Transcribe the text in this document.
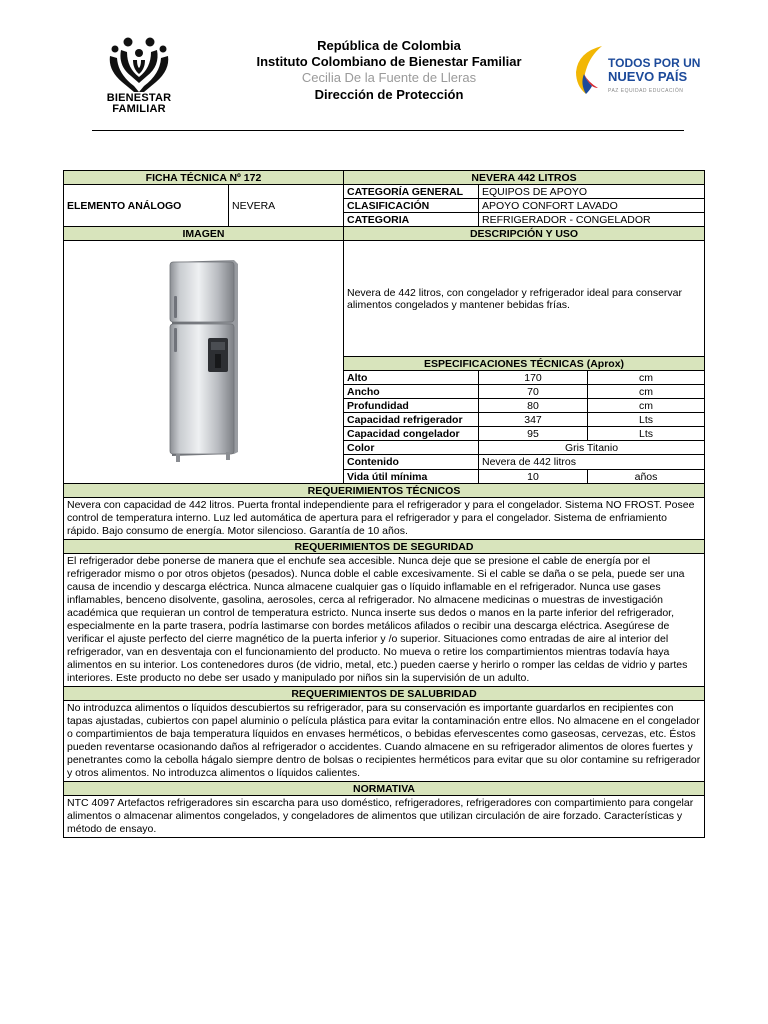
BIENESTAR
FAMILIAR
República de Colombia
Instituto Colombiano de Bienestar Familiar
Cecilia De la Fuente de Lleras
Dirección de Protección
TODOS POR UN
NUEVO PAÍS
PAZ EQUIDAD EDUCACIÓN
FICHA TÉCNICA Nº 172		NEVERA 442 LITROS		
ELEMENTO ANÁLOGO	NEVERA	CATEGORÍA GENERAL	EQUIPOS DE APOYO	
		CLASIFICACIÓN	APOYO CONFORT LAVADO	
		CATEGORIA	REFRIGERADOR - CONGELADOR	
IMAGEN		DESCRIPCIÓN Y USO		
	Nevera de 442 litros, con congelador y refrigerador ideal para conservar alimentos congelados y mantener bebidas frías.		
		ESPECIFICACIONES TÉCNICAS (Aprox)		
		Alto	170	cm
		Ancho	70	cm
		Profundidad	80	cm
		Capacidad refrigerador	347	Lts
		Capacidad congelador	95	Lts
		Color	Gris Titanio	
		Contenido	Nevera de 442 litros	
		Vida útil mínima	10	años
REQUERIMIENTOS TÉCNICOS				
Nevera con capacidad de 442 litros. Puerta frontal independiente para el refrigerador y para el congelador. Sistema NO FROST. Posee control de temperatura interno. Luz led automática de apertura para el refrigerador y para el congelador. Sistema de enfriamiento rápido. Bajo consumo de energía. Motor silencioso. Garantía de 10 años.				
REQUERIMIENTOS DE SEGURIDAD				
El refrigerador debe ponerse de manera que el enchufe sea accesible. Nunca deje que se presione el cable de energía por el refrigerador mismo o por otros objetos (pesados). Nunca doble el cable excesivamente. Si el cable se daña o se pela, puede ser una causa de incendio y descarga eléctrica. Nunca almacene cualquier gas o líquido inflamable en el refrigerador. Nunca use gases inflamables, benceno disolvente, gasolina, aerosoles, cerca al refrigerador. No almacene medicinas o muestras de investigación académica que requieran un control de temperatura estricto. Nunca inserte sus dedos o manos en la parte inferior del refrigerador, especialmente en la parte trasera, podría lastimarse con bordes metálicos afilados o recibir una descarga eléctrica. Asegúrese de verificar el ajuste perfecto del cierre magnético de la puerta inferior y /o superior. Situaciones como entradas de aire al interior del refrigerador, van en desventaja con el funcionamiento del producto. No mueva o retire los compartimientos mientras todavía haya alimentos en su interior. Los contenedores duros (de vidrio, metal, etc.) pueden caerse y herirlo o romper las celdas de vidrio y partes interiores. Este producto no debe ser usado y manipulado por niños sin la supervisión de un adulto.				
REQUERIMIENTOS DE SALUBRIDAD				
No introduzca alimentos o líquidos descubiertos su refrigerador, para su conservación es importante guardarlos en recipientes con tapas ajustadas, cubiertos con papel aluminio o película plástica para evitar la contaminación entre ellos. No almacene en el congelador o compartimientos de baja temperatura líquidos en envases herméticos, o bebidas efervescentes como gaseosas, cervezas, etc. Éstos pueden reventarse ocasionando daños al refrigerador o accidentes. Cuando almacene en su refrigerador alimentos de olores fuertes y penetrantes como la cebolla hágalo siempre dentro de bolsas o recipientes herméticos para evitar que su olor contamine su refrigerador y otros alimentos. No introduzca alimentos o líquidos calientes.				
NORMATIVA				
NTC 4097 Artefactos refrigeradores sin escarcha para uso doméstico, refrigeradores, refrigeradores con compartimiento para congelar alimentos o almacenar alimentos congelados, y congeladores de alimentos que utilizan circulación de aire forzado. Características y método de ensayo.				
